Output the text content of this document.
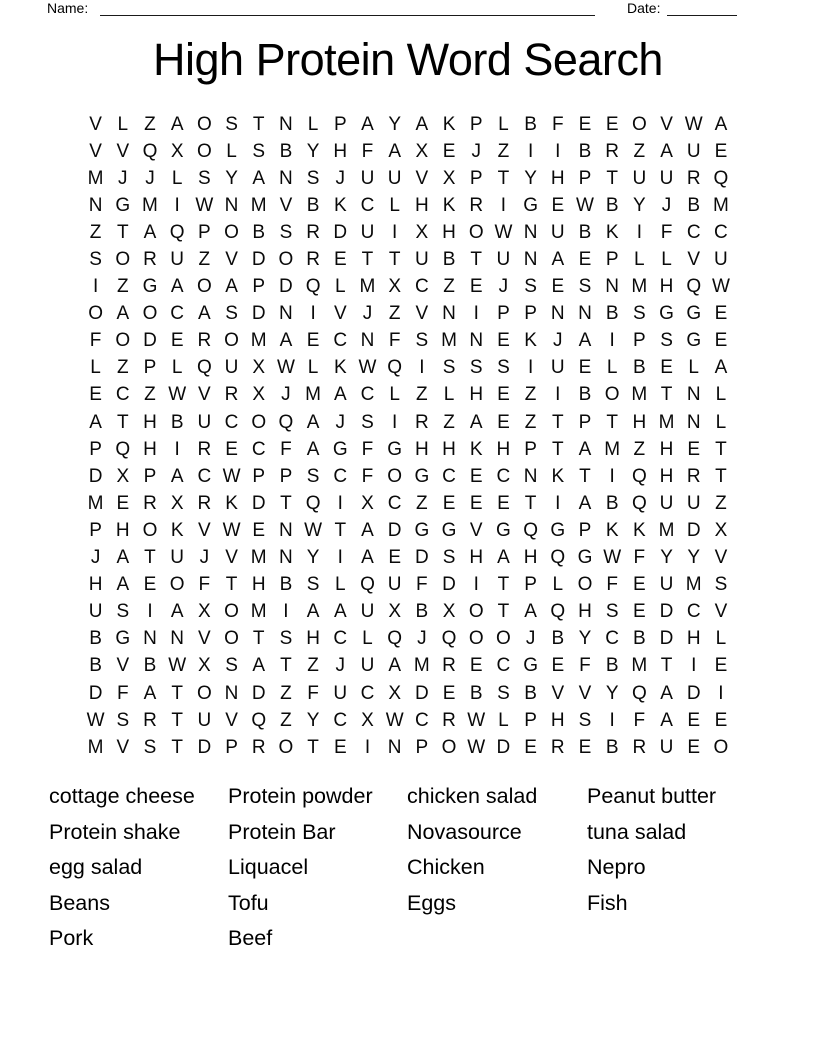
Name:	Date:
High Protein Word Search
V L Z A O S T N L P A Y A K P L B F E E O V W A
V V Q X O L S B Y H F A X E J Z I	I B R Z A U E
M J J L S Y A N S J U U V X P T Y H P T U U R Q
N G M I W N M V B K C L H K R I G E W B Y J B M
Z T A Q P O B S R D U I X H O W N U B K I F C C
S O R U Z V D O R E T T U B T U N A E P L L V U
I Z G A O A P D Q L M X C Z E J S E S N M H Q W
O A O C A S D N I V J Z V N I P P N N B S G G E
F O D E R O M A E C N F S M N E K J A I P S G E
L Z P L Q U X W L K W Q I S S S I U E L B E L A
E C Z W V R X J M A C L Z L H E Z I B O M T N L
A T H B U C O Q A J S I R Z A E Z T P T H M N L
P Q H I R E C F A G F G H H K H P T A M Z H E T
D X P A C W P P S C F O G C E C N K T I Q H R T
M E R X R K D T Q I X C Z E E E T I A B Q U U Z
P H O K V W E N W T A D G G V G Q G P K K M D X
J A T U J V M N Y I A E D S H A H Q G W F Y Y V
H A E O F T H B S L Q U F D I T P L O F E U M S
U S I A X O M I A A U X B X O T A Q H S E D C V
B G N N V O T S H C L Q J Q O O J B Y C B D H L
B V B W X S A T Z J U A M R E C G E F B M T I E
D F A T O N D Z F U C X D E B S B V V Y Q A D I
W S R T U V Q Z Y C X W C R W L P H S I F A E E
M V S T D P R O T E I N P O W D E R E B R U E O
cottage cheese
Protein shake
egg salad
Beans
Pork
Protein powder
Protein Bar
Liquacel
Tofu
Beef
chicken salad
Novasource
Chicken
Eggs
Peanut butter
tuna salad
Nepro
Fish
